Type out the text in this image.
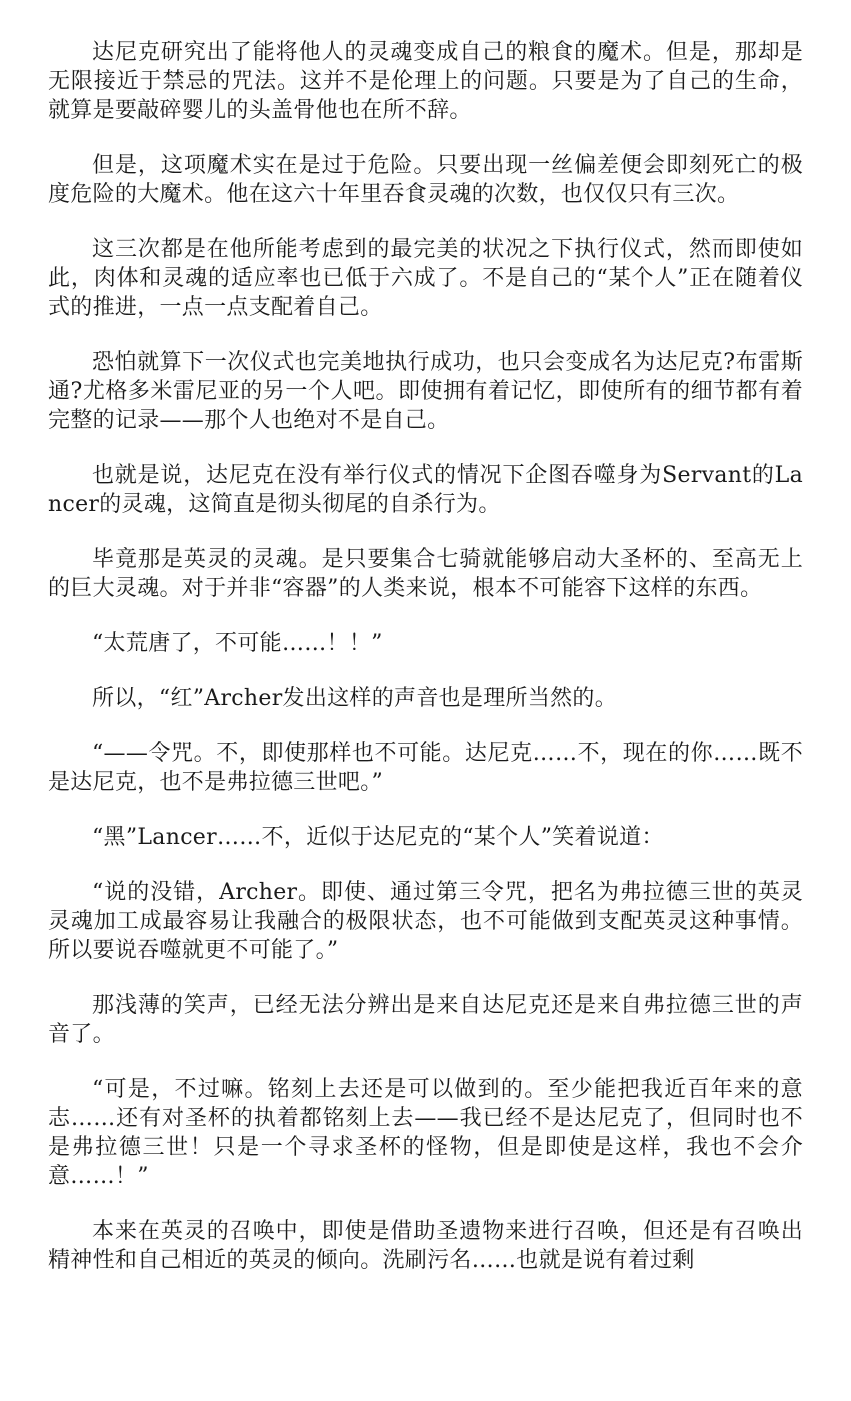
达尼克研究出了能将他人的灵魂变成自己的粮食的魔术。但是，那却是无限接近于禁忌的咒法。这并不是伦理上的问题。只要是为了自己的生命，就算是要敲碎婴儿的头盖骨他也在所不辞。

但是，这项魔术实在是过于危险。只要出现一丝偏差便会即刻死亡的极度危险的大魔术。他在这六十年里吞食灵魂的次数，也仅仅只有三次。

这三次都是在他所能考虑到的最完美的状况之下执行仪式，然而即使如此，肉体和灵魂的适应率也已低于六成了。不是自己的“某个人”正在随着仪式的推进，一点一点支配着自己。

恐怕就算下一次仪式也完美地执行成功，也只会变成名为达尼克?布雷斯通?尤格多米雷尼亚的另一个人吧。即使拥有着记忆，即使所有的细节都有着完整的记录——那个人也绝对不是自己。

也就是说，达尼克在没有举行仪式的情况下企图吞噬身为Servant的Lancer的灵魂，这简直是彻头彻尾的自杀行为。

毕竟那是英灵的灵魂。是只要集合七骑就能够启动大圣杯的、至高无上的巨大灵魂。对于并非“容器”的人类来说，根本不可能容下这样的东西。

“太荒唐了，不可能……！！”

所以，“红”Archer发出这样的声音也是理所当然的。

“——令咒。不，即使那样也不可能。达尼克……不，现在的你……既不是达尼克，也不是弗拉德三世吧。”

“黑”Lancer……不，近似于达尼克的“某个人”笑着说道：

“说的没错，Archer。即使、通过第三令咒，把名为弗拉德三世的英灵灵魂加工成最容易让我融合的极限状态，也不可能做到支配英灵这种事情。所以要说吞噬就更不可能了。”

那浅薄的笑声，已经无法分辨出是来自达尼克还是来自弗拉德三世的声音了。

“可是，不过嘛。铭刻上去还是可以做到的。至少能把我近百年来的意志……还有对圣杯的执着都铭刻上去——我已经不是达尼克了，但同时也不是弗拉德三世！只是一个寻求圣杯的怪物，但是即使是这样，我也不会介意……！”

本来在英灵的召唤中，即使是借助圣遗物来进行召唤，但还是有召唤出精神性和自己相近的英灵的倾向。洗刷污名……也就是说有着过剩
